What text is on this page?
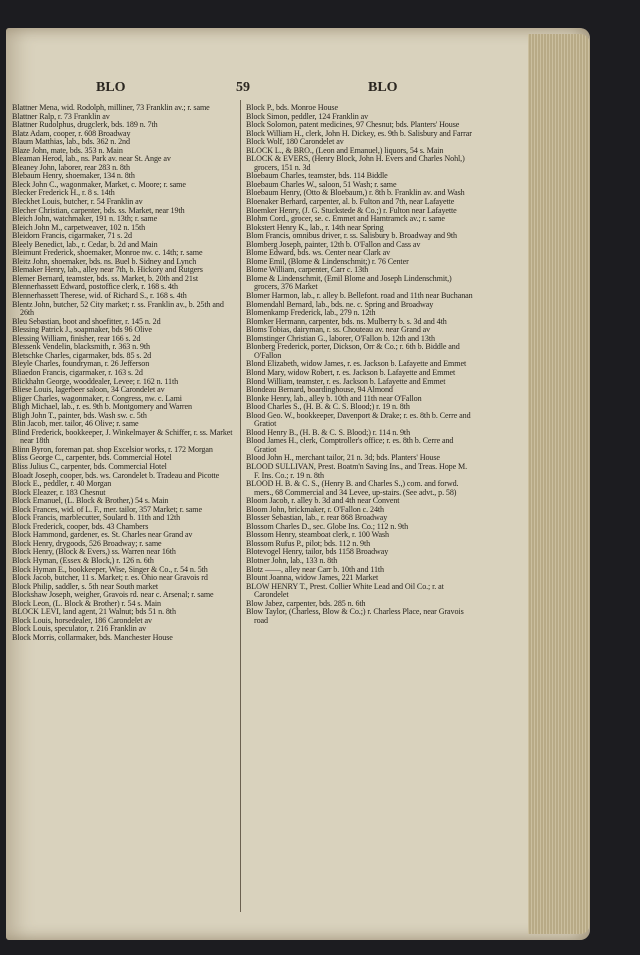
BLO	59	BLO
Blattner Mena, wid. Rodolph, milliner, 73 Franklin av.; r. same
Blattner Ralp, r. 73 Franklin av
Blattner Rudolphus, drugclerk, bds. 189 n. 7th
Blatz Adam, cooper, r. 608 Broadway
Blaum Matthias, lab., bds. 362 n. 2nd
Blaze John, mate, bds. 353 n. Main
Bleaman Herod, lab., ns. Park av. near St. Ange av
Bleaney John, laborer, rear 283 n. 8th
Blebaum Henry, shoemaker, 134 n. 8th
Bleck John C., wagonmaker, Market, c. Moore; r. same
Blecker Frederick H., r. 8 s. 14th
Bleckhet Louis, butcher, r. 54 Franklin av
Blecher Christian, carpenter, bds. ss. Market, near 19th
Bleich John, watchmaker, 191 n. 13th; r. same
Bleich John M., carpetweaver, 102 n. 15th
Bleidorn Francis, cigarmaker, 71 s. 2d
Bleely Benedict, lab., r. Cedar, b. 2d and Main
Bleimunt Frederick, shoemaker, Monroe nw. c. 14th; r. same
Bleitz John, shoemaker, bds. ns. Buel b. Sidney and Lynch
Blemaker Henry, lab., alley near 7th, b. Hickory and Rutgers
Blemer Bernard, teamster, bds. ss. Market, b. 20th and 21st
Blennerhassett Edward, postoffice clerk, r. 168 s. 4th
Blennerhassett Therese, wid. of Richard S., r. 168 s. 4th
Blentz John, butcher, 52 City market; r. ss. Franklin av., b. 25th and 26th
Bleu Sebastian, boot and shoefitter, r. 145 n. 2d
Blessing Patrick J., soapmaker, bds 96 Olive
Blessing William, finisher, rear 166 s. 2d
Blessenk Vendelin, blacksmith, r. 363 n. 9th
Bletschke Charles, cigarmaker, bds. 85 s. 2d
Bleyle Charles, foundryman, r. 26 Jefferson
Bliaedon Francis, cigarmaker, r. 163 s. 2d
Blickhahn George, wooddealer, Levee; r. 162 n. 11th
Bliese Louis, lagerbeer saloon, 34 Carondelet av
Bliger Charles, wagonmaker, r. Congress, nw. c. Lami
Bligh Michael, lab., r. es. 9th b. Montgomery and Warren
Bligh John T., painter, bds. Wash sw. c. 5th
Blin Jacob, mer. tailor, 46 Olive; r. same
Blind Frederick, bookkeeper, J. Winkelmayer & Schiffer, r. ss. Market near 18th
Blinn Byron, foreman pat. shop Excelsior works, r. 172 Morgan
Bliss George C., carpenter, bds. Commercial Hotel
Bliss Julius C., carpenter, bds. Commercial Hotel
Bloadt Joseph, cooper, bds. ws. Carondelet b. Tradeau and Picotte
Block E., peddler, r. 40 Morgan
Block Eleazer, r. 183 Chesnut
Block Emanuel, (L. Block & Brother,) 54 s. Main
Block Frances, wid. of L. F., mer. tailor, 357 Market; r. same
Block Francis, marblecutter, Soulard b. 11th and 12th
Block Frederick, cooper, bds. 43 Chambers
Block Hammond, gardener, es. St. Charles near Grand av
Block Henry, drygoods, 526 Broadway; r. same
Block Henry, (Block & Evers,) ss. Warren near 16th
Block Hyman, (Essex & Block,) r. 126 n. 6th
Block Hyman E., bookkeeper, Wise, Singer & Co., r. 54 n. 5th
Block Jacob, butcher, 11 s. Market; r. es. Ohio near Gravois rd
Block Philip, saddler, s. 5th near South market
Blockshaw Joseph, weigher, Gravois rd. near c. Arsenal; r. same
Block Leon, (L. Block & Brother) r. 54 s. Main
BLOCK LEVI, land agent, 21 Walnut; bds 51 n. 8th
Block Louis, horsedealer, 186 Carondelet av
Block Louis, speculator, r. 216 Franklin av
Block Morris, collarmaker, bds. Manchester House
Block P., bds. Monroe House
Block Simon, peddler, 124 Franklin av
Block Solomon, patent medicines, 97 Chesnut; bds. Planters' House
Block William H., clerk, John H. Dickey, es. 9th b. Salisbury and Farrar
Block Wolf, 180 Carondelet av
BLOCK L., & BRO., (Leon and Emanuel,) liquors, 54 s. Main
BLOCK & EVERS, (Henry Block, John H. Evers and Charles Nohl,) grocers, 151 n. 3d
Bloebaum Charles, teamster, bds. 114 Biddle
Bloebaum Charles W., saloon, 51 Wash; r. same
Bloebaum Henry, (Otto & Bloebaum,) r. 8th b. Franklin av. and Wash
Bloenaker Berhard, carpenter, al. b. Fulton and 7th, near Lafayette
Bloemker Henry, (J. G. Stuckstede & Co.;) r. Fulton near Lafayette
Blohm Cord., grocer, se. c. Emmet and Hamtramck av.; r. same
Blokstert Henry K., lab., r. 14th near Spring
Blom Francis, omnibus driver, r. ss. Salisbury b. Broadway and 9th
Blomberg Joseph, painter, 12th b. O'Fallon and Cass av
Blome Edward, bds. ws. Center near Clark av
Blome Emil, (Blome & Lindenschmit;) r. 76 Center
Blome William, carpenter, Carr c. 13th
Blome & Lindenschmit, (Emil Blome and Joseph Lindenschmit,) grocers, 376 Market
Blomer Harmon, lab., r. alley b. Bellefont. road and 11th near Buchanan
Blomendahl Bernard, lab., bds. ne. c. Spring and Broadway
Blomenkamp Frederick, lab., 279 n. 12th
Blomker Hermann, carpenter, bds. ns. Mulberry b. s. 3d and 4th
Bloms Tobias, dairyman, r. ss. Chouteau av. near Grand av
Blomstinger Christian G., laborer, O'Fallon b. 12th and 13th
Blonberg Frederick, porter, Dickson, Orr & Co.; r. 6th b. Biddle and O'Fallon
Blond Elizabeth, widow James, r. es. Jackson b. Lafayette and Emmet
Blond Mary, widow Robert, r. es. Jackson b. Lafayette and Emmet
Blond William, teamster, r. es. Jackson b. Lafayette and Emmet
Blondeau Bernard, boardinghouse, 94 Almond
Blonke Henry, lab., alley b. 10th and 11th near O'Fallon
Blood Charles S., (H. B. & C. S. Blood;) r. 19 n. 8th
Blood Geo. W., bookkeeper, Davenport & Drake; r. es. 8th b. Cerre and Gratiot
Blood Henry B., (H. B. & C. S. Blood;) r. 114 n. 9th
Blood James H., clerk, Comptroller's office; r. es. 8th b. Cerre and Gratiot
Blood John H., merchant tailor, 21 n. 3d; bds. Planters' House
BLOOD SULLIVAN, Prest. Boatm'n Saving Ins., and Treas. Hope M. F. Ins. Co.; r. 19 n. 8th
BLOOD H. B. & C. S., (Henry B. and Charles S.,) com. and forwd. mers., 68 Commercial and 34 Levee, up-stairs. (See advt., p. 58)
Bloom Jacob, r. alley b. 3d and 4th near Convent
Bloom John, brickmaker, r. O'Fallon c. 24th
Blosser Sebastian, lab., r. rear 868 Broadway
Blossom Charles D., sec. Globe Ins. Co.; 112 n. 9th
Blossom Henry, steamboat clerk, r. 100 Wash
Blossom Rufus P., pilot; bds. 112 n. 9th
Blotevogel Henry, tailor, bds 1158 Broadway
Blotner John, lab., 133 n. 8th
Blotz ——, alley near Carr b. 10th and 11th
Blount Joanna, widow James, 221 Market
BLOW HENRY T., Prest. Collier White Lead and Oil Co.; r. at Carondelet
Blow Jabez, carpenter, bds. 285 n. 6th
Blow Taylor, (Charless, Blow & Co.;) r. Charless Place, near Gravois road
